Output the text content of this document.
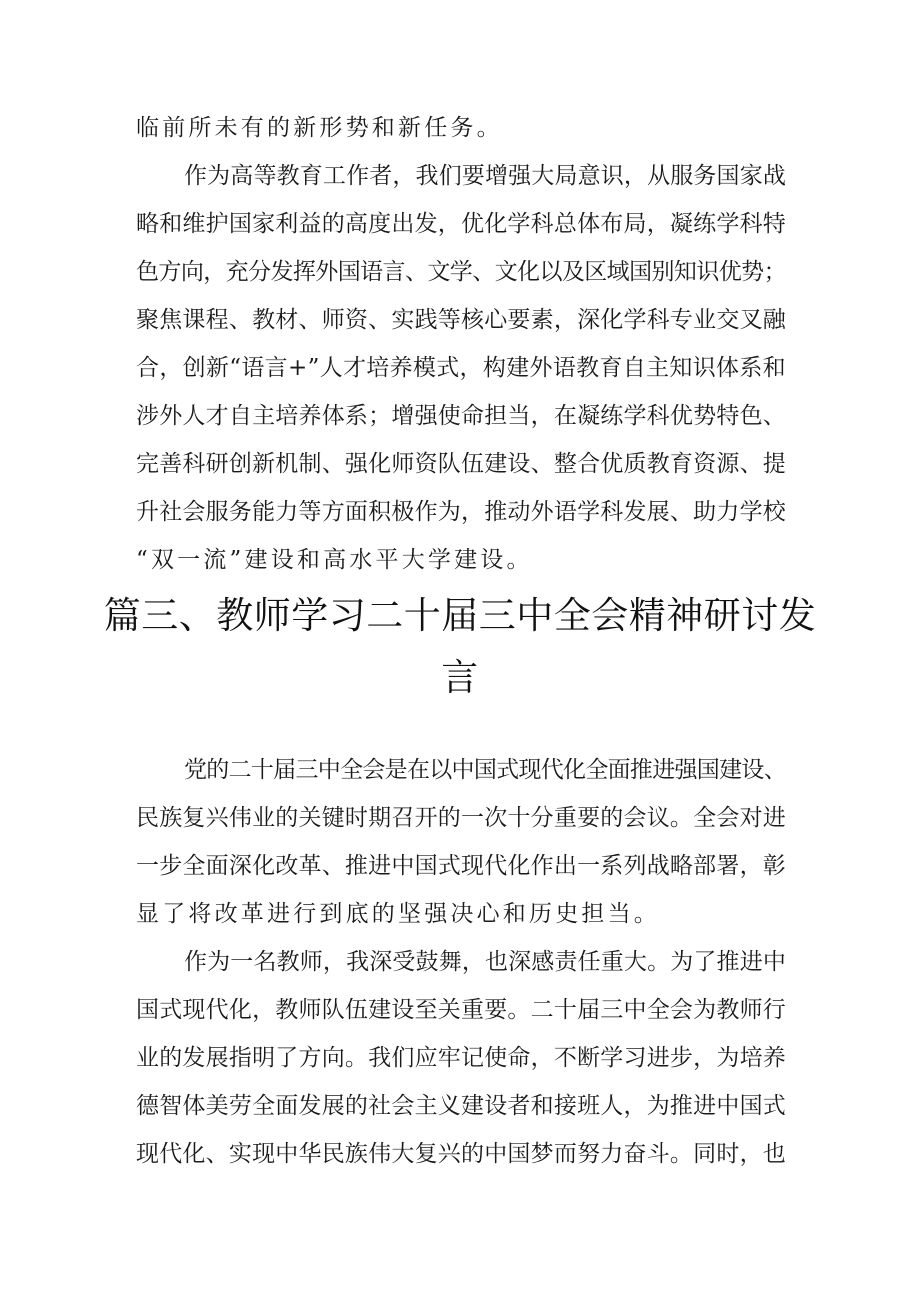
临前所未有的新形势和新任务。
作为高等教育工作者，我们要增强大局意识，从服务国家战
略和维护国家利益的高度出发，优化学科总体布局，凝练学科特
色方向，充分发挥外国语言、文学、文化以及区域国别知识优势；
聚焦课程、教材、师资、实践等核心要素，深化学科专业交叉融
合，创新“语言+”人才培养模式，构建外语教育自主知识体系和
涉外人才自主培养体系；增强使命担当，在凝练学科优势特色、
完善科研创新机制、强化师资队伍建设、整合优质教育资源、提
升社会服务能力等方面积极作为，推动外语学科发展、助力学校
“双一流”建设和高水平大学建设。
篇三、教师学习二十届三中全会精神研讨发
言
党的二十届三中全会是在以中国式现代化全面推进强国建设、
民族复兴伟业的关键时期召开的一次十分重要的会议。全会对进
一步全面深化改革、推进中国式现代化作出一系列战略部署，彰
显了将改革进行到底的坚强决心和历史担当。
作为一名教师，我深受鼓舞，也深感责任重大。为了推进中
国式现代化，教师队伍建设至关重要。二十届三中全会为教师行
业的发展指明了方向。我们应牢记使命，不断学习进步，为培养
德智体美劳全面发展的社会主义建设者和接班人，为推进中国式
现代化、实现中华民族伟大复兴的中国梦而努力奋斗。同时，也
